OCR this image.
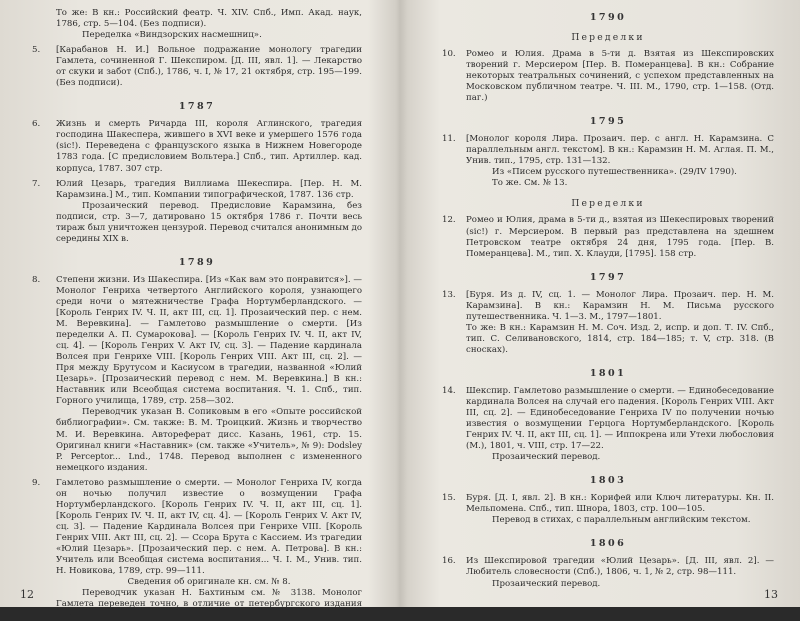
То же: В кн.: Российский феатр. Ч. XIV. Спб., Имп. Акад. наук, 1786, стр. 5—104. (Без подписи).

Переделка «Виндзорских насмешниц».

5. [Карабанов Н. И.] Вольное подражание монологу трагедии Гамлета, сочиненной Г. Шекспиром. [Д. III, явл. 1]. — Лекарство от скуки и забот (Спб.), 1786, ч. I, № 17, 21 октября, стр. 195—199. (Без подписи).

1787
6. Жизнь и смерть Ричарда III, короля Аглинского, трагедия господина Шакеспера, жившего в XVI веке и умершего 1576 года (sic!). Переведена с французского языка в Нижнем Новегороде 1783 года. [С предисловием Вольтера.] Спб., тип. Артиллер. кад. корпуса, 1787. 307 стр.

7. Юлий Цезарь, трагедия Виллиама Шекеспира. [Пер. Н. М. Карамзина.] М., тип. Компании типографической, 1787. 136 стр.

Прозаический перевод. Предисловие Карамзина, без подписи, стр. 3—7, датировано 15 октября 1786 г. Почти весь тираж был уничтожен цензурой. Перевод считался анонимным до середины XIX в.

1789
8. Степени жизни. Из Шакеспира. [Из «Как вам это понравится»]. — Монолог Генриха четвертого Английского короля, узнающего среди ночи о мятежничестве Графа Нортумберландского. — [Король Генрих IV. Ч. II, акт III, сц. 1]. Прозаический пер. с нем. М. Веревкина]. — Гамлетово размышление о смерти. [Из переделки А. П. Сумарокова]. — [Король Генрих IV. Ч. II, акт IV, сц. 4]. — [Король Генрих V. Акт IV, сц. 3]. — Падение кардинала Волсея при Генрихе VIII. [Король Генрих VIII. Акт III, сц. 2]. — Пря между Брутусом и Касиусом в трагедии, названной «Юлий Цезарь». [Прозаический перевод с нем. М. Веревкина.] В кн.: Наставник или Всеобщая система воспитания. Ч. 1. Спб., тип. Горного училища, 1789, стр. 258—302.

Переводчик указан В. Сопиковым в его «Опыте российской библиографии». См. также: В. М. Троицкий. Жизнь и творчество М. И. Веревкина. Автореферат дисс. Казань, 1961, стр. 15. Оригинал книги «Наставник» (см. также «Учитель», № 9): Dodsley P. Perceptor... Lnd., 1748. Перевод выполнен с измененного немецкого издания.

9. Гамлетово размышление о смерти. — Монолог Генриха IV, когда он ночью получил известие о возмущении Графа Нортумберландского. [Король Генрих IV. Ч. II, акт III, сц. 1]. [Король Генрих IV. Ч. II, акт IV, сц. 4]. — [Король Генрих V. Акт IV, сц. 3]. — Падение Кардинала Волсея при Генрихе VIII. [Король Генрих VIII. Акт III, сц. 2]. — Ссора Брута с Кассием. Из трагедии «Юлий Цезарь». [Прозаический пер. с нем. А. Петрова]. В кн.: Учитель или Всеобщая система воспитания... Ч. I. М., Унив. тип. Н. Новикова, 1789, стр. 99—111.

Сведения об оригинале кн. см. № 8.

Переводчик указан Н. Бахтиным см. № 3138. Монолог Гамлета переведен точно, в отличие от петербургского издания книги.

12
1790
Переделки
10. Ромео и Юлия. Драма в 5-ти д. Взятая из Шекспировских творений г. Мерсиером [Пер. В. Померанцева]. В кн.: Собрание некоторых театральных сочинений, с успехом представленных на Московском публичном театре. Ч. III. М., 1790, стр. 1—158. (Отд. паг.)

1795
11. [Монолог короля Лира. Прозаич. пер. с англ. Н. Карамзина. С параллельным англ. текстом]. В кн.: Карамзин Н. М. Аглая. П. М., Унив. тип., 1795, стр. 131—132.

Из «Писем русского путешественника». (29/IV 1790).

То же. См. № 13.

Переделки
12. Ромео и Юлия, драма в 5-ти д., взятая из Шекеспировых творений (sic!) г. Мерсиером. В первый раз представлена на здешнем Петровском театре октября 24 дня, 1795 года. [Пер. В. Померанцева]. М., тип. Х. Клауди, [1795]. 158 стр.

1797
13. [Буря. Из д. IV, сц. 1. — Монолог Лира. Прозаич. пер. Н. М. Карамзина]. В кн.: Карамзин Н. М. Письма русского путешественника. Ч. 1—3. М., 1797—1801.

То же: В кн.: Карамзин Н. М. Соч. Изд. 2, испр. и доп. Т. IV. Спб., тип. С. Селивановского, 1814, стр. 184—185; т. V, стр. 318. (В сносках).

1801
14. Шекспир. Гамлетово размышление о смерти. — Единобеседование кардинала Волсея на случай его падения. [Король Генрих VIII. Акт III, сц. 2]. — Единобеседование Генриха IV по получении ночью известия о возмущении Герцога Нортумберландского. [Король Генрих IV. Ч. II, акт III, сц. 1]. — Иппокрена или Утехи любословия (М.), 1801, ч. VIII, стр. 17—22.

Прозаический перевод.

1803
15. Буря. [Д. I, явл. 2]. В кн.: Корифей или Ключ литературы. Кн. II. Мельпомена. Спб., тип. Шнора, 1803, стр. 100—105.

Перевод в стихах, с параллельным английским текстом.

1806
16. Из Шекспировой трагедии «Юлий Цезарь». [Д. III, явл. 2]. — Любитель словесности (Спб.), 1806, ч. 1, № 2, стр. 98—111.

Прозаический перевод.

13
